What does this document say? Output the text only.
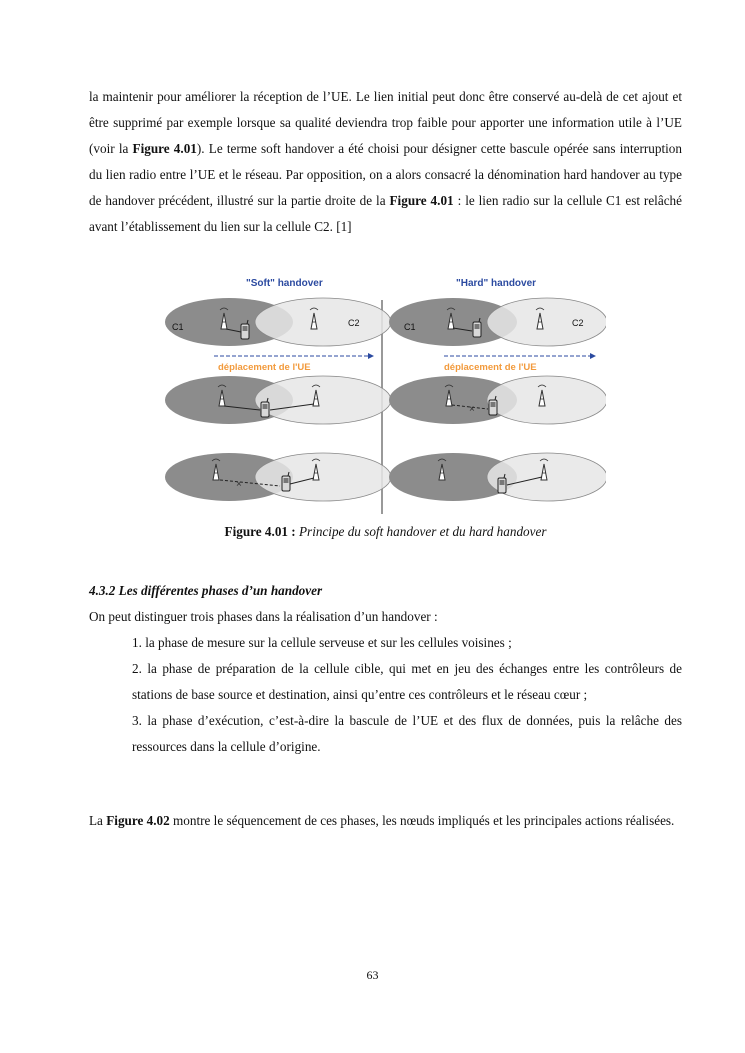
la maintenir pour améliorer la réception de l’UE. Le lien initial peut donc être conservé au-delà de cet ajout et être supprimé par exemple lorsque sa qualité deviendra trop faible pour apporter une information utile à l’UE (voir la Figure 4.01). Le terme soft handover a été choisi pour désigner cette bascule opérée sans interruption du lien radio entre l’UE et le réseau. Par opposition, on a alors consacré la dénomination hard handover au type de handover précédent, illustré sur la partie droite de la Figure 4.01 : le lien radio sur la cellule C1 est relâché avant l’établissement du lien sur la cellule C2. [1]

"Soft" handover	"Hard" handover
C1	C2
déplacement de l'UE
×
C1	C2
déplacement de l'UE
×
Figure 4.01 : Principe du soft handover et du hard handover

4.3.2 Les différentes phases d’un handover

On peut distinguer trois phases dans la réalisation d’un handover :

1. la phase de mesure sur la cellule serveuse et sur les cellules voisines ;

2. la phase de préparation de la cellule cible, qui met en jeu des échanges entre les contrôleurs de stations de base source et destination, ainsi qu’entre ces contrôleurs et le réseau cœur ;

3. la phase d’exécution, c’est-à-dire la bascule de l’UE et des flux de données, puis la relâche des ressources dans la cellule d’origine.

La Figure 4.02 montre le séquencement de ces phases, les nœuds impliqués et les principales actions réalisées.

63
